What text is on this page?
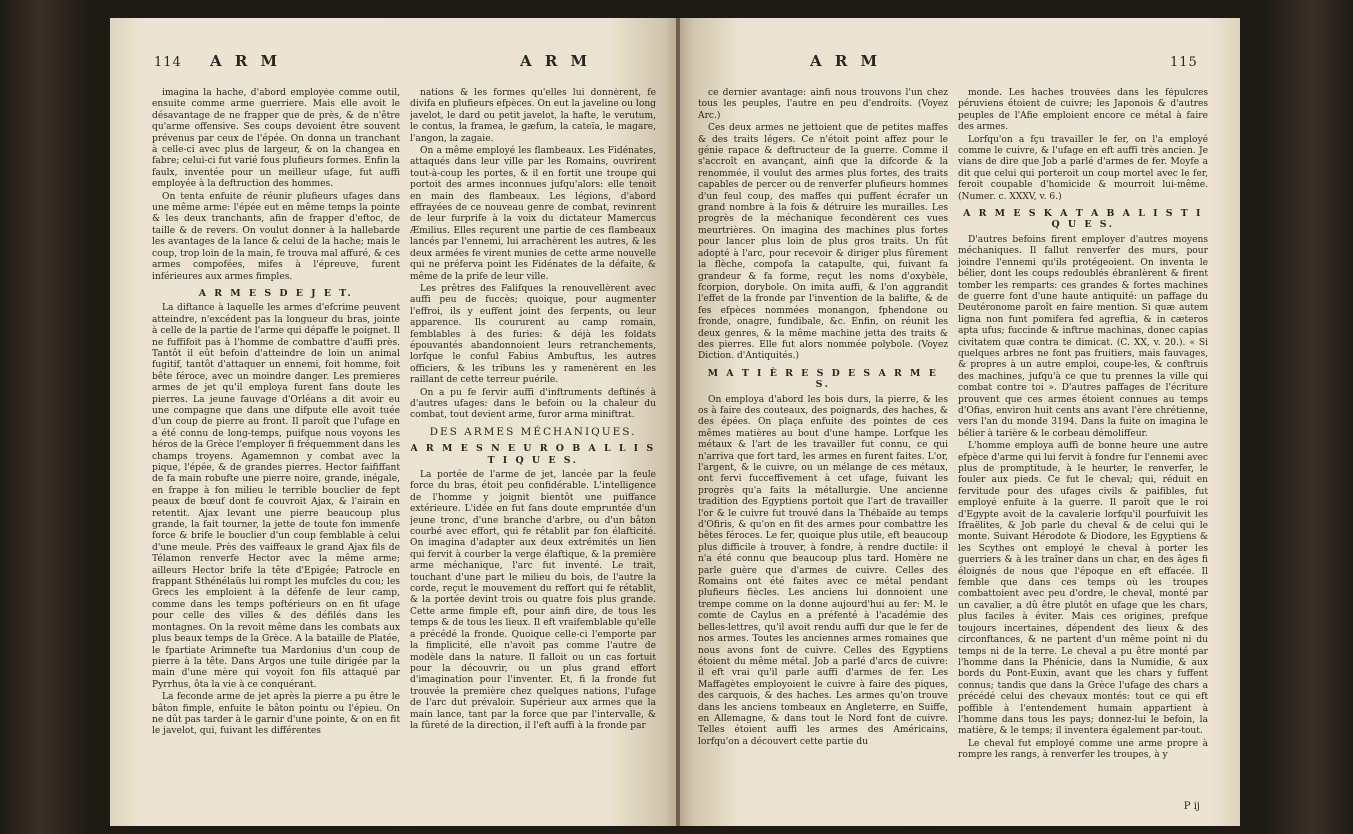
114 A R M	A R M

imagina la hache, d'abord employée comme outil, ensuite comme arme guerriere. Mais elle avoit le désavantage de ne frapper que de près, & de n'être qu'arme offensive. Ses coups devoient être souvent prévenus par ceux de l'épée. On donna un tranchant à celle-ci avec plus de largeur, & on la changea en fabre; celui-ci fut varié fous plufieurs formes. Enfin la faulx, inventée pour un meilleur ufage, fut auffi employée à la deftruction des hommes.

On tenta enfuite de réunir plufieurs ufages dans une même arme: l'épée eut en même temps la pointe & les deux tranchants, afin de frapper d'eftoc, de taille & de revers. On voulut donner à la hallebarde les avantages de la lance & celui de la hache; mais le coup, trop loin de la main, fe trouva mal affuré, & ces armes compofées, mifes à l'épreuve, furent inférieures aux armes fimples.

A R M E S D E J E T.

La diftance à laquelle les armes d'efcrime peuvent atteindre, n'excédent pas la longueur du bras, jointe à celle de la partie de l'arme qui dépaffe le poignet. Il ne fuffifoit pas à l'homme de combattre d'auffi près. Tantôt il eût befoin d'atteindre de loin un animal fugitif, tantôt d'attaquer un ennemi, foit homme, foit bête féroce, avec un moindre danger. Les premieres armes de jet qu'il employa furent fans doute les pierres. La jeune fauvage d'Orléans a dit avoir eu une compagne que dans une difpute elle avoit tuée d'un coup de pierre au front. Il paroît que l'ufage en a été connu de long-temps, puifque nous voyons les héros de la Grèce l'employer fi fréquemment dans les champs troyens. Agamemnon y combat avec la pique, l'épée, & de grandes pierres. Hector faififfant de fa main robufte une pierre noire, grande, inégale, en frappe à fon milieu le terrible bouclier de fept peaux de bœuf dont fe couvroit Ajax, & l'airain en retentit. Ajax levant une pierre beaucoup plus grande, la fait tourner, la jette de toute fon immenfe force & brife le bouclier d'un coup femblable à celui d'une meule. Près des vaiffeaux le grand Ajax fils de Télamon renverfe Hector avec la même arme; ailleurs Hector brife la tête d'Epigée; Patrocle en frappant Sthénélaüs lui rompt les mufcles du cou; les Grecs les emploient à la défenfe de leur camp, comme dans les temps poftérieurs on en fit ufage pour celle des villes & des défilés dans les montagnes. On la revoit même dans les combats aux plus beaux temps de la Grèce. A la bataille de Platée, le fpartiate Arimnefte tua Mardonius d'un coup de pierre à la tête. Dans Argos une tuile dirigée par la main d'une mère qui voyoit fon fils attaqué par Pyrrhus, ôta la vie à ce conquérant.

La feconde arme de jet après la pierre a pu être le bâton fimple, enfuite le bâton pointu ou l'épieu. On ne dût pas tarder à le garnir d'une pointe, & on en fit le javelot, qui, fuivant les différentes

nations & les formes qu'elles lui donnèrent, fe divifa en plufieurs efpèces. On eut la javeline ou long javelot, le dard ou petit javelot, la hafte, le verutum, le contus, la framea, le gæfum, la cateïa, le magare, l'angon, la zagaie.

On a même employé les flambeaux. Les Fidénates, attaqués dans leur ville par les Romains, ouvrirent tout-à-coup les portes, & il en fortit une troupe qui portoit des armes inconnues jufqu'alors: elle tenoit en main des flambeaux. Les légions, d'abord effrayées de ce nouveau genre de combat, revinrent de leur furprife à la voix du dictateur Mamercus Æmilius. Elles reçurent une partie de ces flambeaux lancés par l'ennemi, lui arrachèrent les autres, & les deux armées fe virent munies de cette arme nouvelle qui ne préferva point les Fidénates de la défaite, & même de la prife de leur ville.

Les prêtres des Falifques la renouvellèrent avec auffi peu de fuccès; quoique, pour augmenter l'effroi, ils y euffent joint des ferpents, ou leur apparence. Ils coururent au camp romain, femblables à des furies: & déjà les foldats épouvantés abandonnoient leurs retranchements, lorfque le conful Fabius Ambuftus, les autres officiers, & les tribuns les y ramenèrent en les raillant de cette terreur puérile.

On a pu fe fervir auffi d'inftruments deftinés à d'autres ufages: dans le befoin ou la chaleur du combat, tout devient arme, furor arma miniftrat.

DES ARMES MÉCHANIQUES.
A R M E S N E U R O B A L L I S T I Q U E S.

La portée de l'arme de jet, lancée par la feule force du bras, étoit peu confidérable. L'intelligence de l'homme y joignit bientôt une puiffance extérieure. L'idée en fut fans doute empruntée d'un jeune tronc, d'une branche d'arbre, ou d'un bâton courbé avec effort, qui fe rétablit par fon élafticité. On imagina d'adapter aux deux extrémités un lien qui fervit à courber la verge élaftique, & la première arme méchanique, l'arc fut inventé. Le trait, touchant d'une part le milieu du bois, de l'autre la corde, reçut le mouvement du reffort qui fe rétablit, & la portée devint trois ou quatre fois plus grande. Cette arme fimple eft, pour ainfi dire, de tous les temps & de tous les lieux. Il eft vraifemblable qu'elle a précédé la fronde. Quoique celle-ci l'emporte par la fimplicité, elle n'avoit pas comme l'autre de modèle dans la nature. Il falloit ou un cas fortuit pour la découvrir, ou un plus grand effort d'imagination pour l'inventer. Et, fi la fronde fut trouvée la première chez quelques nations, l'ufage de l'arc dut prévaloir. Supérieur aux armes que la main lance, tant par la force que par l'intervalle, & la fûreté de la direction, il l'eft auffi à la fronde par

A R M	115

ce dernier avantage: ainfi nous trouvons l'un chez tous les peuples, l'autre en peu d'endroits. (Voyez Arc.)

Ces deux armes ne jettoient que de petites maffes & des traits légers. Ce n'étoit point affez pour le génie rapace & deftructeur de la guerre. Comme il s'accroît en avançant, ainfi que la difcorde & la renommée, il voulut des armes plus fortes, des traits capables de percer ou de renverfer plufieurs hommes d'un feul coup, des maffes qui puffent écrafer un grand nombre à la fois & détruire les murailles. Les progrès de la méchanique fecondèrent ces vues meurtrières. On imagina des machines plus fortes pour lancer plus loin de plus gros traits. Un fût adopté à l'arc, pour recevoir & diriger plus fûrement la flèche, compofa la catapulte, qui, fuivant fa grandeur & fa forme, reçut les noms d'oxybèle, fcorpion, dorybole. On imita auffi, & l'on aggrandit l'effet de la fronde par l'invention de la balifte, & de fes efpèces nommées monangon, fphendone ou fronde, onagre, fundibale, &c. Enfin, on réunit les deux genres, & la même machine jetta des traits & des pierres. Elle fut alors nommée polybole. (Voyez Diction. d'Antiquités.)

M A T I È R E S D E S A R M E S.

On employa d'abord les bois durs, la pierre, & les os à faire des couteaux, des poignards, des haches, & des épées. On plaça enfuite des pointes de ces mêmes matières au bout d'une hampe. Lorfque les métaux & l'art de les travailler fut connu, ce qui n'arriva que fort tard, les armes en furent faites. L'or, l'argent, & le cuivre, ou un mélange de ces métaux, ont fervi fucceffivement à cet ufage, fuivant les progrès qu'a faits la métallurgie. Une ancienne tradition des Egyptiens portoit que l'art de travailler l'or & le cuivre fut trouvé dans la Thébaïde au temps d'Ofiris, & qu'on en fit des armes pour combattre les bêtes féroces. Le fer, quoique plus utile, eft beaucoup plus difficile à trouver, à fondre, à rendre ductile: il n'a été connu que beaucoup plus tard. Homère ne parle guère que d'armes de cuivre. Celles des Romains ont été faites avec ce métal pendant plufieurs fiècles. Les anciens lui donnoient une trempe comme on la donne aujourd'hui au fer: M. le comte de Caylus en a préfenté à l'académie des belles-lettres, qu'il avoit rendu auffi dur que le fer de nos armes. Toutes les anciennes armes romaines que nous avons font de cuivre. Celles des Egyptiens étoient du même métal. Job a parlé d'arcs de cuivre: il eft vrai qu'il parle auffi d'armes de fer. Les Maffagètes employoient le cuivre à faire des piques, des carquois, & des haches. Les armes qu'on trouve dans les anciens tombeaux en Angleterre, en Suiffe, en Allemagne, & dans tout le Nord font de cuivre. Telles étoient auffi les armes des Américains, lorfqu'on a découvert cette partie du

monde. Les haches trouvées dans les fépulcres péruviens étoient de cuivre; les Japonois & d'autres peuples de l'Afie emploient encore ce métal à faire des armes.

Lorfqu'on a fçu travailler le fer, on l'a employé comme le cuivre, & l'ufage en eft auffi très ancien. Je vians de dire que Job a parlé d'armes de fer. Moyfe a dit que celui qui porteroit un coup mortel avec le fer, feroit coupable d'homicide & mourroit lui-même. (Numer. c. XXXV, v. 6.)

A R M E S K A T A B A L I S T I Q U E S.

D'autres befoins firent employer d'autres moyens méchaniques. Il fallut renverfer des murs, pour joindre l'ennemi qu'ils protégeoient. On inventa le bélier, dont les coups redoublés ébranlèrent & firent tomber les remparts: ces grandes & fortes machines de guerre font d'une haute antiquité: un paffage du Deutéronome paroît en faire mention. Si quæ autem ligna non funt pomifera fed agreftia, & in cæteros apta ufus; fuccinde & inftrue machinas, donec capias civitatem quæ contra te dimicat. (C. XX, v. 20.). « Si quelques arbres ne font pas fruitiers, mais fauvages, & propres à un autre emploi, coupe-les, & conftruis des machines, jufqu'à ce que tu prennes la ville qui combat contre toi ». D'autres paffages de l'écriture prouvent que ces armes étoient connues au temps d'Ofias, environ huit cents ans avant l'ère chrétienne, vers l'an du monde 3194. Dans la fuite on imagina le bélier à tarière & le corbeau démoliffeur.

L'homme employa auffi de bonne heure une autre efpèce d'arme qui lui fervit à fondre fur l'ennemi avec plus de promptitude, à le heurter, le renverfer, le fouler aux pieds. Ce fut le cheval; qui, réduit en fervitude pour des ufages civils & paifibles, fut employé enfuite à la guerre. Il paroît que le roi d'Egypte avoit de la cavalerie lorfqu'il pourfuivit les Ifraëlites, & Job parle du cheval & de celui qui le monte. Suivant Hérodote & Diodore, les Egyptiens & les Scythes ont employé le cheval à porter les guerriers & à les traîner dans un char, en des âges fi éloignés de nous que l'époque en eft effacée. Il femble que dans ces temps où les troupes combattoient avec peu d'ordre, le cheval, monté par un cavalier, a dû être plutôt en ufage que les chars, plus faciles à éviter. Mais ces origines, prefque toujours incertaines, dépendent des lieux & des circonftances, & ne partent d'un même point ni du temps ni de la terre. Le cheval a pu être monté par l'homme dans la Phénicie, dans la Numidie, & aux bords du Pont-Euxin, avant que les chars y fuffent connus; tandis que dans la Grèce l'ufage des chars a précédé celui des chevaux montés: tout ce qui eft poffible à l'entendement humain appartient à l'homme dans tous les pays; donnez-lui le befoin, la matière, & le temps; il inventera également par-tout.

Le cheval fut employé comme une arme propre à rompre les rangs, à renverfer les troupes, à y

P ij
